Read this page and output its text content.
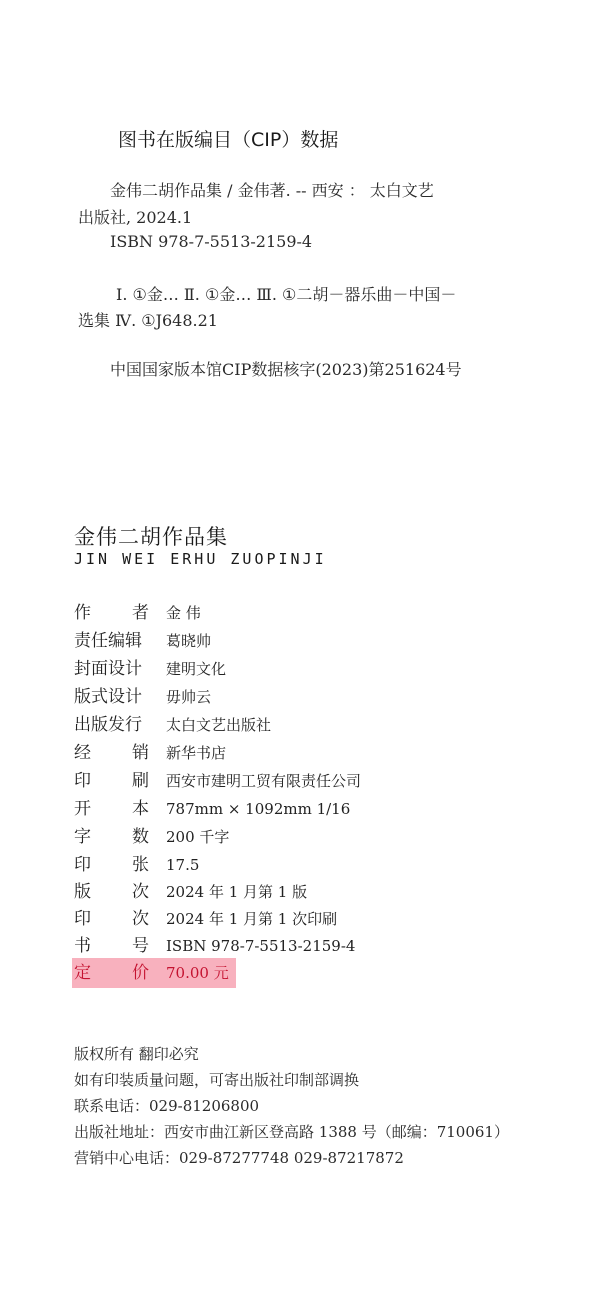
图书在版编目（CIP）数据
金伟二胡作品集 / 金伟著. -- 西安 ： 太白文艺
出版社, 2024.1
ISBN 978-7-5513-2159-4
Ⅰ. ①金… Ⅱ. ①金… Ⅲ. ①二胡－器乐曲－中国－
选集 Ⅳ. ①J648.21
中国国家版本馆CIP数据核字(2023)第251624号
金伟二胡作品集
JIN WEI ERHU ZUOPINJI
作 者 金 伟
责任编辑 葛晓帅
封面设计 建明文化
版式设计 毋帅云
出版发行 太白文艺出版社
经 销 新华书店
印 刷 西安市建明工贸有限责任公司
开 本 787mm × 1092mm 1/16
字 数 200 千字
印 张 17.5
版 次 2024 年 1 月第 1 版
印 次 2024 年 1 月第 1 次印刷
书 号 ISBN 978-7-5513-2159-4
定 价 70.00 元
版权所有 翻印必究
如有印装质量问题，可寄出版社印制部调换
联系电话：029-81206800
出版社地址：西安市曲江新区登高路 1388 号（邮编：710061）
营销中心电话：029-87277748 029-87217872
